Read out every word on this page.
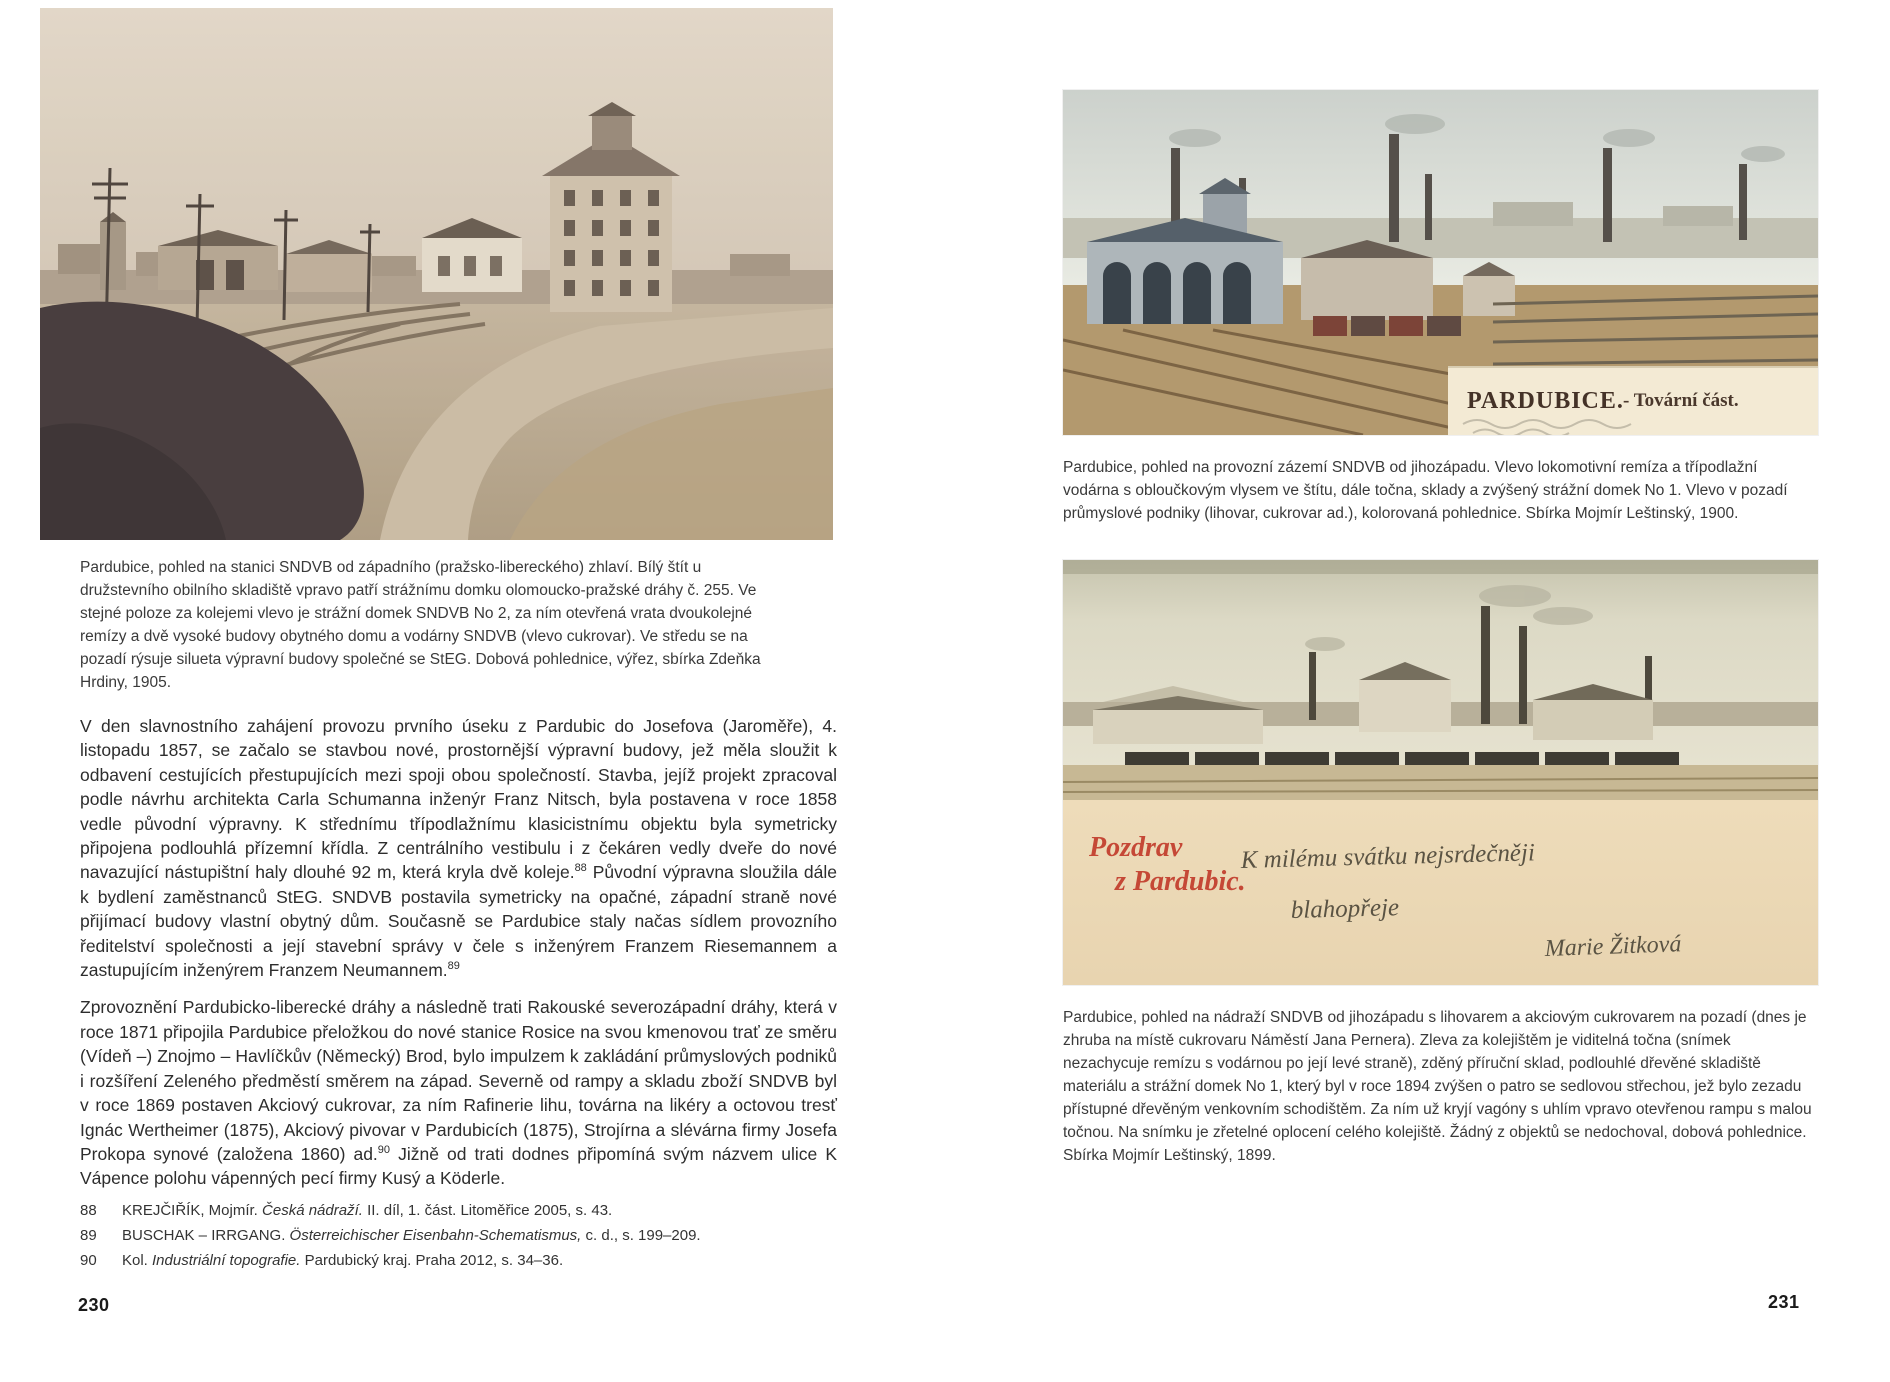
Pardubice, pohled na stanici SNDVB od západního (pražsko-libereckého) zhlaví. Bílý štít u družstevního obilního skladiště vpravo patří strážnímu domku olomoucko-pražské dráhy č. 255. Ve stejné poloze za kolejemi vlevo je strážní domek SNDVB No 2, za ním otevřená vrata dvoukolejné remízy a dvě vysoké budovy obytného domu a vodárny SNDVB (vlevo cukrovar). Ve středu se na pozadí rýsuje silueta výpravní budovy společné se StEG. Dobová pohlednice, výřez, sbírka Zdeňka Hrdiny, 1905.

V den slavnostního zahájení provozu prvního úseku z Pardubic do Josefova (Jaroměře), 4. listopadu 1857, se začalo se stavbou nové, prostornější výpravní budovy, jež měla sloužit k odbavení cestujících přestupujících mezi spoji obou společností. Stavba, jejíž projekt zpracoval podle návrhu architekta Carla Schumanna inženýr Franz Nitsch, byla postavena v roce 1858 vedle původní výpravny. K střednímu třípodlažnímu klasicistnímu objektu byla symetricky připojena podlouhlá přízemní křídla. Z centrálního vestibulu i z čekáren vedly dveře do nové navazující nástupištní haly dlouhé 92 m, která kryla dvě koleje.$^{88}$ Původní výpravna sloužila dále k bydlení zaměstnanců StEG. SNDVB postavila symetricky na opačné, západní straně nové přijímací budovy vlastní obytný dům. Současně se Pardubice staly načas sídlem provozního ředitelství společnosti a její stavební správy v čele s inženýrem Franzem Riesemannem a zastupujícím inženýrem Franzem Neumannem.$^{89}$

Zprovoznění Pardubicko-liberecké dráhy a následně trati Rakouské severozápadní dráhy, která v roce 1871 připojila Pardubice přeložkou do nové stanice Rosice na svou kmenovou trať ze směru (Vídeň –) Znojmo – Havlíčkův (Německý) Brod, bylo impulzem k zakládání průmyslových podniků i rozšíření Zeleného předměstí směrem na západ. Severně od rampy a skladu zboží SNDVB byl v roce 1869 postaven Akciový cukrovar, za ním Rafinerie lihu, továrna na likéry a octovou tresť Ignác Wertheimer (1875), Akciový pivovar v Pardubicích (1875), Strojírna a slévárna firmy Josefa Prokopa synové (založena 1860) ad.$^{90}$ Jižně od trati dodnes připomíná svým názvem ulice K Vápence polohu vápenných pecí firmy Kusý a Köderle.

88	KREJČIŘÍK, Mojmír. Česká nádraží. II. díl, 1. část. Litoměřice 2005, s. 43.
89	BUSCHAK – IRRGANG. Österreichischer Eisenbahn-Schematismus, c. d., s. 199–209.
90	Kol. Industriální topografie. Pardubický kraj. Praha 2012, s. 34–36.
230
PARDUBICE. - Tovární část.
Pardubice, pohled na provozní zázemí SNDVB od jihozápadu. Vlevo lokomotivní remíza a třípodlažní vodárna s obloučkovým vlysem ve štítu, dále točna, sklady a zvýšený strážní domek No 1. Vlevo v pozadí průmyslové podniky (lihovar, cukrovar ad.), kolorovaná pohlednice. Sbírka Mojmír Leštinský, 1900.
Pozdrav
z Pardubic.
K milému svátku nejsrdečněji
blahopřeje
Marie Žitková
Pardubice, pohled na nádraží SNDVB od jihozápadu s lihovarem a akciovým cukrovarem na pozadí (dnes je zhruba na místě cukrovaru Náměstí Jana Pernera). Zleva za kolejištěm je viditelná točna (snímek nezachycuje remízu s vodárnou po její levé straně), zděný příruční sklad, podlouhlé dřevěné skladiště materiálu a strážní domek No 1, který byl v roce 1894 zvýšen o patro se sedlovou střechou, jež bylo zezadu přístupné dřevěným venkovním schodištěm. Za ním už kryjí vagóny s uhlím vpravo otevřenou rampu s malou točnou. Na snímku je zřetelné oplocení celého kolejiště. Žádný z objektů se nedochoval, dobová pohlednice. Sbírka Mojmír Leštinský, 1899.
231
